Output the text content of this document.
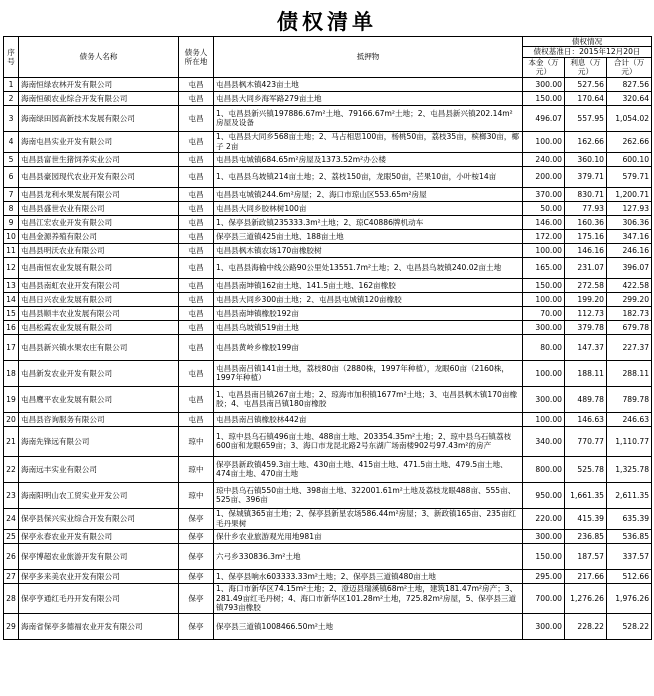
债权清单
序号	债务人名称	债务人所在地	抵押物	债权情况		
				债权基准日：2015年12月20日		
				本金（万元）	利息（万元）	合计（万元）
1	海南恒绿农林开发有限公司	屯昌	屯昌县枫木镇423亩土地	300.00	527.56	827.56
2	海南恒硕农业综合开发有限公司	屯昌	屯昌县大同乡海军路279亩土地	150.00	170.64	320.64
3	海南绿田园高新技术发展有限公司	屯昌	1、屯昌县新兴镇197886.67m²土地、79166.67m²土地；2、屯昌县新兴镇202.14m²房屋及设备	496.07	557.95	1,054.02
4	海南屯昌实业开发有限公司	屯昌	1、屯昌县大同乡568亩土地；2、马占相思100亩，杨桃50亩，荔枝35亩，槟榔30亩，椰子 2亩	100.00	162.66	262.66
5	屯昌县富世生猪饲养实业公司	屯昌	屯昌县屯城镇684.65m²房屋及1373.52m²办公楼	240.00	360.10	600.10
6	屯昌县豪园现代农业开发有限公司	屯昌	1、屯昌县乌坡镇214亩土地；2、荔枝150亩，龙眼50亩，芒果10亩，小叶桉14亩	200.00	379.71	579.71
7	屯昌县龙利水果发展有限公司	屯昌	屯昌县屯城镇244.6m²房屋；2、海口市琼山区553.65m²房屋	370.00	830.71	1,200.71
8	屯昌县盛世农业有限公司	屯昌	屯昌县大同乡胶林树100亩	50.00	77.93	127.93
9	屯昌江宏农业开发有限公司	屯昌	1、保亭县新政镇235333.3m²土地；2、琼C40886牌机动车	146.00	160.36	306.36
10	屯昌金源养殖有限公司	屯昌	保亭县三道镇425亩土地、188亩土地	172.00	175.16	347.16
11	屯昌县明沃农业有限公司	屯昌	屯昌县枫木镇农场170亩橡胶树	100.00	146.16	246.16
12	屯昌南恒农业发展有限公司	屯昌	1、屯昌县海榆中线公路90公里处13551.7m²土地；2、屯昌县乌坡镇240.02亩土地	165.00	231.07	396.07
13	屯昌县南虹农业开发有限公司	屯昌	屯昌县南坤镇162亩土地、141.5亩土地、162亩橡胶	150.00	272.58	422.58
14	屯昌日兴农业发展有限公司	屯昌	屯昌县大同乡300亩土地；2、屯昌县屯城镇120亩橡胶	100.00	199.20	299.20
15	屯昌县顺丰农业发展有限公司	屯昌	屯昌县南坤镇橡胶192亩	70.00	112.73	182.73
16	屯昌松霞农业发展有限公司	屯昌	屯昌县乌坡镇519亩土地	300.00	379.78	679.78
17	屯昌县新兴镇水果农庄有限公司	屯昌	屯昌县黄岭乡橡胶199亩	80.00	147.37	227.37
18	屯昌新发农业开发有限公司	屯昌	屯昌县南吕镇141亩土地，荔枝80亩（2880株，1997年种植），龙眼60亩（2160株，1997年种植）	100.00	188.11	288.11
19	屯昌鹰平农业发展有限公司	屯昌	1、屯昌县南吕镇267亩土地；2、琼海市加积镇1677m²土地；3、屯昌县枫木镇170亩橡胶；4、屯昌县南吕镇180亩橡胶	300.00	489.78	789.78
20	屯昌县咨询服务有限公司	屯昌	屯昌县南吕镇橡胶林442亩	100.00	146.63	246.63
21	海南先锋远有限公司	琼中	1、琼中县乌石镇496亩土地、488亩土地、203354.35m²土地；2、琼中县乌石镇荔枝600亩和龙眼659亩；3、海口市龙昆北路2号东湖广场南楼902号97.43m²的房产	340.00	770.77	1,110.77
22	海南远丰实业有限公司	琼中	保亭县新政镇459.3亩土地、430亩土地、415亩土地、471.5亩土地、479.5亩土地、474亩土地、470亩土地	800.00	525.78	1,325.78
23	海南阳明山农工贸实业开发公司	琼中	琼中县乌石镇550亩土地、398亩土地、322001.61m²土地及荔枝龙眼488亩、555亩、525亩、396亩	950.00	1,661.35	2,611.35
24	保亭县保兴实业综合开发有限公司	保亭	1、保城镇365亩土地；2、保亭县新星农场586.44m²房屋；3、新政镇165亩、235亩红毛丹果树	220.00	415.39	635.39
25	保亭永春农业开发有限公司	保亭	保什乡农业旅游观光用地981亩	300.00	236.85	536.85
26	保亭博超农业旅游开发有限公司	保亭	六弓乡330836.3m²土地	150.00	187.57	337.57
27	保亭多来美农业开发有限公司	保亭	1、保亭县响水603333.33m²土地；2、保亭县三道镇480亩土地	295.00	217.66	512.66
28	保亭亨通红毛丹开发有限公司	保亭	1、海口市新华区74.15m²土地；2、澄迈县瑞溪镇68m²土地，建筑181.47m²房产；3、281.49亩红毛丹树；4、海口市新华区101.28m²土地，725.82m²房屋，5、保亭县三道镇793亩橡胶	700.00	1,276.26	1,976.26
29	海南省保亭多德福农业开发有限公司	保亭	保亭县三道镇1008466.50m²土地	300.00	228.22	528.22
